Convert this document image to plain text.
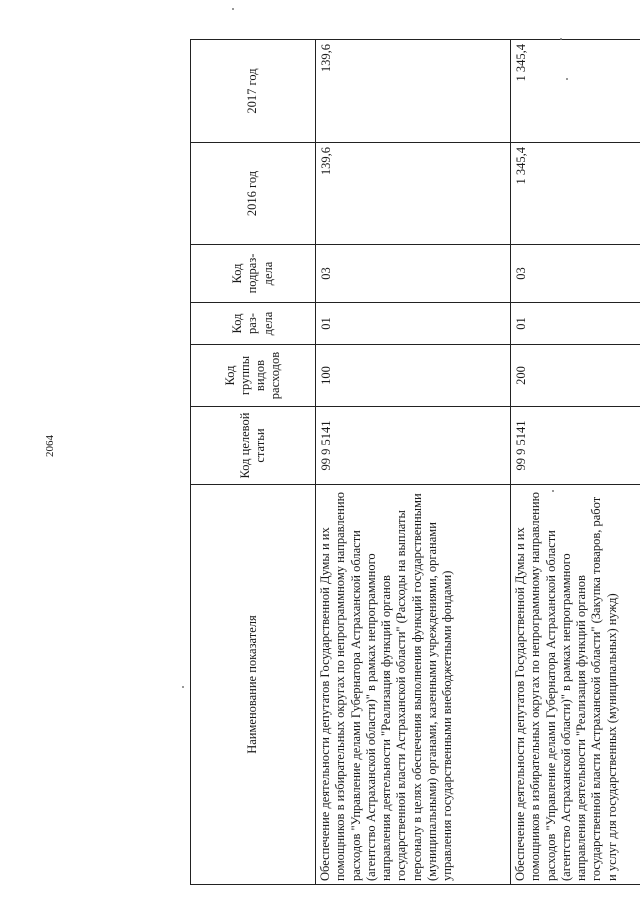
2064
Наименование показателя	Код целевой статьи	Код группы видов расходов	Код раз-дела	Код подраз-дела	2016 год	2017 год
Обеспечение деятельности депутатов Государственной Думы и их помощников в избирательных округах по непрограммному направлению расходов "Управление делами Губернатора Астраханской области (агентство Астраханской области)" в рамках непрограммного направления деятельности "Реализация функций органов государственной власти Астраханской области" (Расходы на выплаты персоналу в целях обеспечения выполнения функций государственными (муниципальными) органами, казенными учреждениями, органами управления государственными внебюджетными фондами)	99 9 5141	100	01	03	139,6	139,6
Обеспечение деятельности депутатов Государственной Думы и их помощников в избирательных округах по непрограммному направлению расходов "Управление делами Губернатора Астраханской области (агентство Астраханской области)" в рамках непрограммного направления деятельности "Реализация функций органов государственной власти Астраханской области" (Закупка товаров, работ и услуг для государственных (муниципальных) нужд)	99 9 5141	200	01	03	1 345,4	1 345,4
